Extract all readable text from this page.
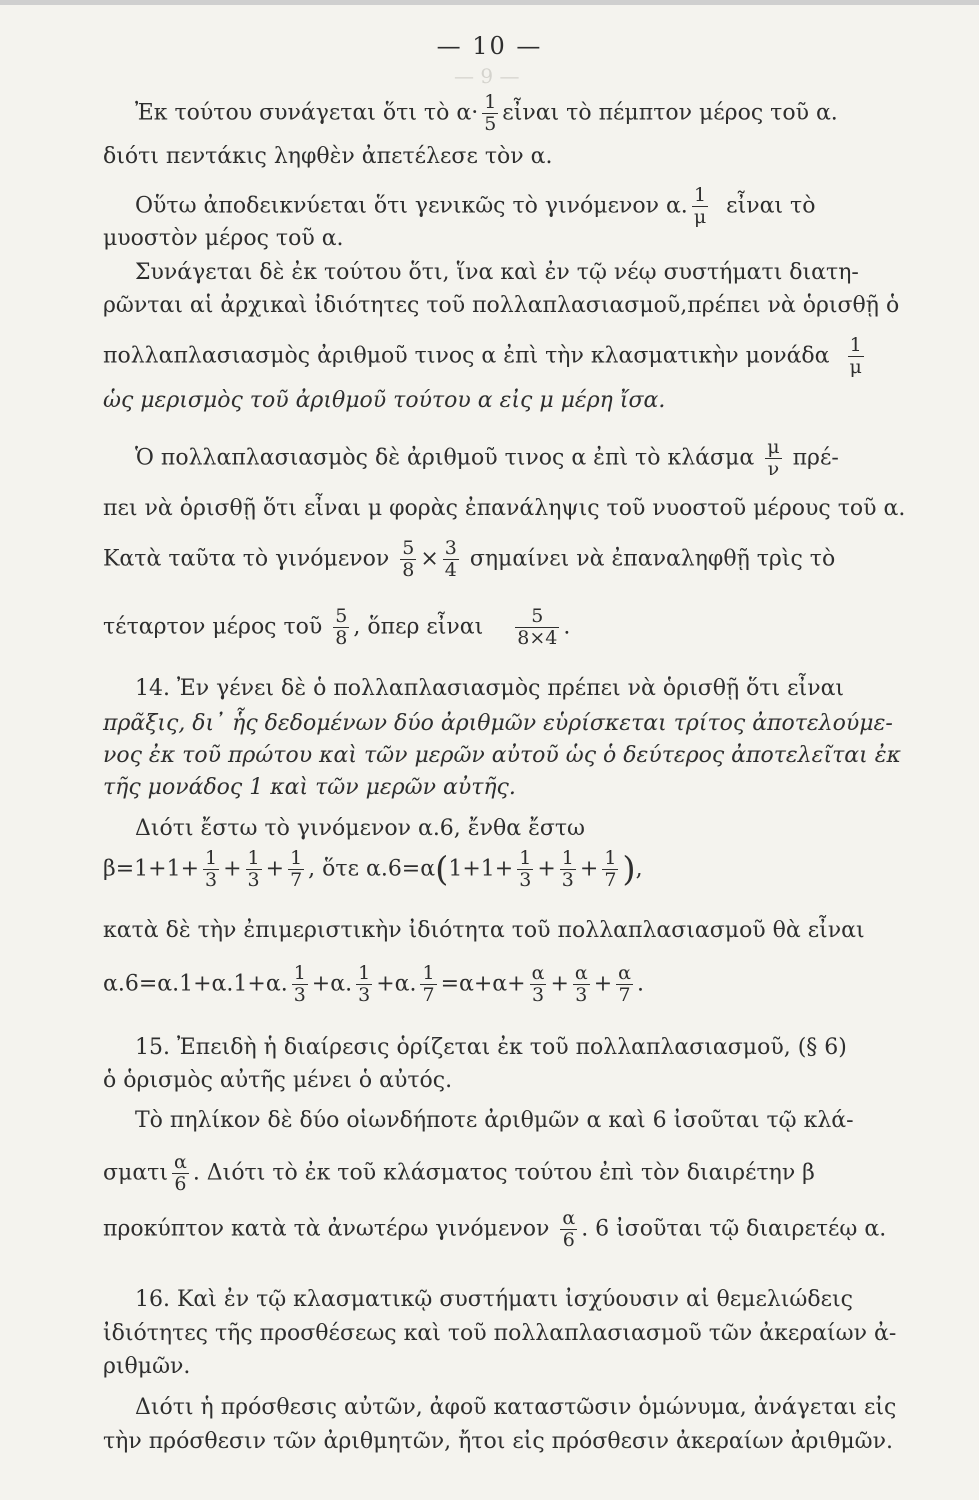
— 10 —
— 9 —
Ἐκ τούτου συνάγεται ὅτι τὸ $\alpha\cdot \frac{1}{5}$ εἶναι τὸ πέμπτον μέρος τοῦ α.
διότι πεντάκις ληφθὲν ἀπετέλεσε τὸν α.
Οὕτω ἀποδεικνύεται ὅτι γενικῶς τὸ γινόμενον α. $\frac{1}{\mu}$ εἶναι τὸ
μυοστὸν μέρος τοῦ α.
Συνάγεται δὲ ἐκ τούτου ὅτι, ἵνα καὶ ἐν τῷ νέῳ συστήματι διατη-
ρῶνται αἱ ἀρχικαὶ ἰδιότητες τοῦ πολλαπλασιασμοῦ,πρέπει νὰ ὁρισθῇ ὁ
πολλαπλασιασμὸς ἀριθμοῦ τινος α ἐπὶ τὴν κλασματικὴν μονάδα $\frac{1}{\mu}$
ὡς μερισμὸς τοῦ ἀριθμοῦ τούτου α εἰς μ μέρη ἴσα.
Ὁ πολλαπλασιασμὸς δὲ ἀριθμοῦ τινος α ἐπὶ τὸ κλάσμα $\frac{\mu}{\nu} \pi\rho έ-$
πει νὰ ὁρισθῇ ὅτι εἶναι μ φορὰς ἐπανάληψις τοῦ νυοστοῦ μέρους τοῦ α.
Κατὰ ταῦτα τὸ γινόμενον $\frac{5}{8} \times \frac{3}{4}$ σημαίνει νὰ ἐπαναληφθῇ τρὶς τὸ
τέταρτον μέρος τοῦ $\frac{5}{8}$ , ὅπερ εἶναι $\frac{5}{8\times 4}$ .
14. Ἐν γένει δὲ ὁ πολλαπλασιασμὸς πρέπει νὰ ὁρισθῇ ὅτι εἶναι
πρᾶξις, δι᾽ ἧς δεδομένων δύο ἀριθμῶν εὑρίσκεται τρίτος ἀποτελούμε-
νος ἐκ τοῦ πρώτου καὶ τῶν μερῶν αὐτοῦ ὡς ὁ δεύτερος ἀποτελεῖται ἐκ
τῆς μονάδος 1 καὶ τῶν μερῶν αὐτῆς.
Διότι ἔστω τὸ γινόμενον α.6, ἔνθα ἔστω
$\beta=1+1+ \frac{1}{3} + \frac{1}{3} + \frac{1}{7}$ , ὅτε $\alpha.6=\alpha(1+1+ \frac{1}{3} + \frac{1}{3} + \frac{1}{7}$ ),
κατὰ δὲ τὴν ἐπιμεριστικὴν ἰδιότητα τοῦ πολλαπλασιασμοῦ θὰ εἶναι
α.6=α.1+α.1+α. $\frac{1}{3} +\alpha$. $\frac{1}{3} +\alpha$. $\frac{1}{7} =\alpha+\alpha+ \frac{\alpha}{3} + \frac{\alpha}{3} + \frac{\alpha}{7}$ .
15. Ἐπειδὴ ἡ διαίρεσις ὁρίζεται ἐκ τοῦ πολλαπλασιασμοῦ, (§ 6)
ὁ ὁρισμὸς αὐτῆς μένει ὁ αὐτός.
Τὸ πηλίκον δὲ δύο οἱωνδήποτε ἀριθμῶν α καὶ 6 ἰσοῦται τῷ κλά-
σματι $\frac{\alpha}{6}$ . Διότι τὸ ἐκ τοῦ κλάσματος τούτου ἐπὶ τὸν διαιρέτην β
προκύπτον κατὰ τὰ ἀνωτέρω γινόμενον $\frac{\alpha}{6}$ . 6 ἰσοῦται τῷ διαιρετέῳ α.
16. Καὶ ἐν τῷ κλασματικῷ συστήματι ἰσχύουσιν αἱ θεμελιώδεις
ἰδιότητες τῆς προσθέσεως καὶ τοῦ πολλαπλασιασμοῦ τῶν ἀκεραίων ἀ-
ριθμῶν.
Διότι ἡ πρόσθεσις αὐτῶν, ἀφοῦ καταστῶσιν ὁμώνυμα, ἀνάγεται εἰς
τὴν πρόσθεσιν τῶν ἀριθμητῶν, ἤτοι εἰς πρόσθεσιν ἀκεραίων ἀριθμῶν.
